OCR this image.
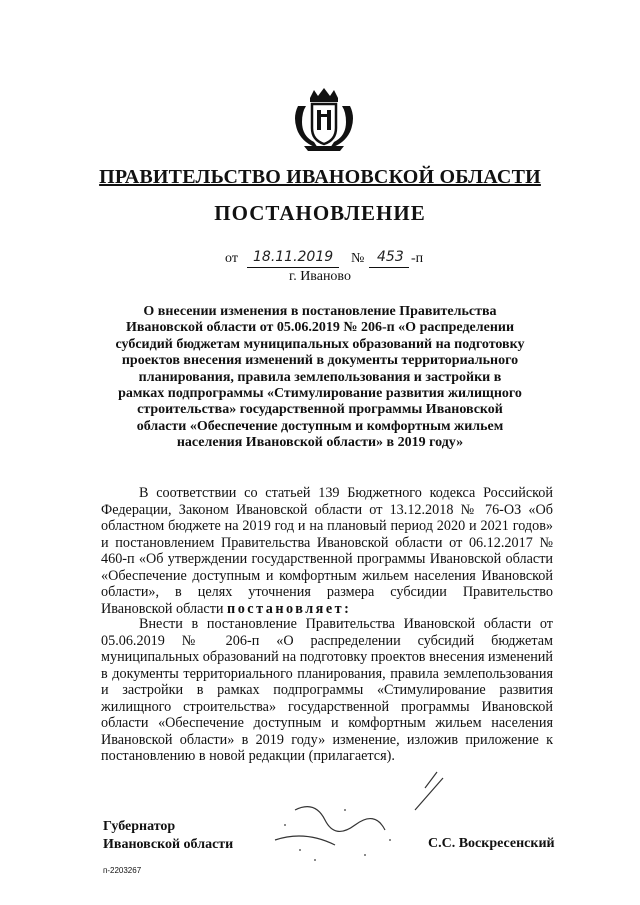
ПРАВИТЕЛЬСТВО ИВАНОВСКОЙ ОБЛАСТИ
ПОСТАНОВЛЕНИЕ
от 18.11.2019 № 453 -п
г. Иваново
О внесении изменения в постановление Правительства Ивановской области от 05.06.2019 № 206-п «О распределении субсидий бюджетам муниципальных образований на подготовку проектов внесения изменений в документы территориального планирования, правила землепользования и застройки в рамках подпрограммы «Стимулирование развития жилищного строительства» государственной программы Ивановской области «Обеспечение доступным и комфортным жильем населения Ивановской области» в 2019 году»

В соответствии со статьей 139 Бюджетного кодекса Российской Федерации, Законом Ивановской области от 13.12.2018 № 76-ОЗ «Об областном бюджете на 2019 год и на плановый период 2020 и 2021 годов» и постановлением Правительства Ивановской области от 06.12.2017 № 460-п «Об утверждении государственной программы Ивановской области «Обеспечение доступным и комфортным жильем населения Ивановской области», в целях уточнения размера субсидии Правительство Ивановской области постановляет:

Внести в постановление Правительства Ивановской области от 05.06.2019 № 206-п «О распределении субсидий бюджетам муниципальных образований на подготовку проектов внесения изменений в документы территориального планирования, правила землепользования и застройки в рамках подпрограммы «Стимулирование развития жилищного строительства» государственной программы Ивановской области «Обеспечение доступным и комфортным жильем населения Ивановской области» в 2019 году» изменение, изложив приложение к постановлению в новой редакции (прилагается).

Губернатор
Ивановской области	С.С. Воскресенский
п-2203267
